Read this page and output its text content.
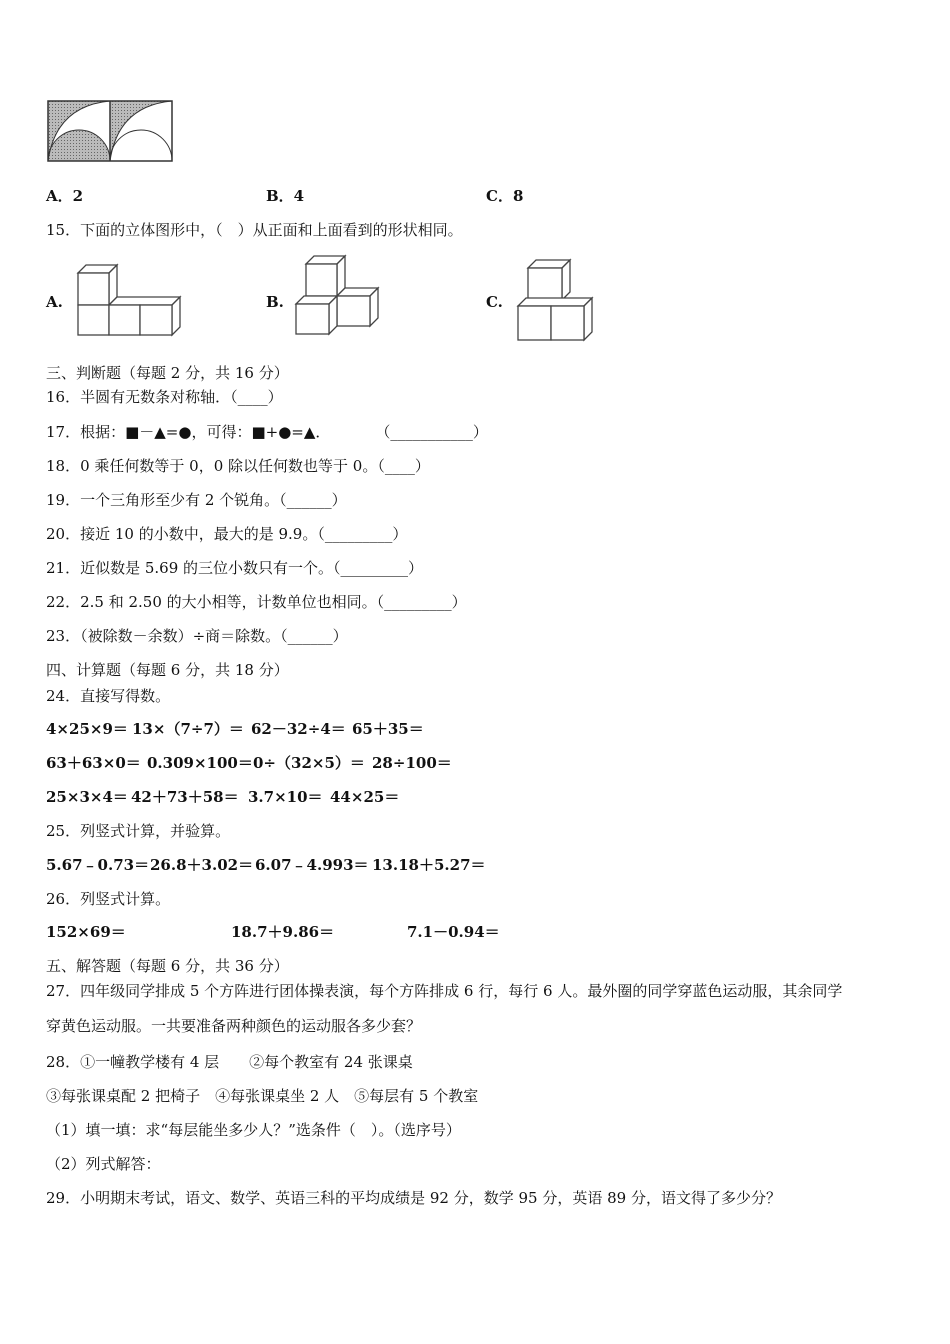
A．2	B．4	C．8
15．下面的立体图形中，（　）从正面和上面看到的形状相同。
A.	B.	C.
三、判断题（每题 2 分，共 16 分）
16．半圆有无数条对称轴．（____）
17．根据：■－▲=●，可得：■+●=▲．　　　　（___________）
18．0 乘任何数等于 0，0 除以任何数也等于 0。（____）
19．一个三角形至少有 2 个锐角。（______）
20．接近 10 的小数中，最大的是 9.9。（_________）
21．近似数是 5.69 的三位小数只有一个。（_________）
22．2.5 和 2.50 的大小相等，计数单位也相同。（_________）
23．（被除数－余数）÷商＝除数。（______）
四、计算题（每题 6 分，共 18 分）
24．直接写得数。
4×25×9＝ 13×（7÷7）＝ 62－32÷4＝ 65＋35＝
63＋63×0＝ 0.309×100＝ 0÷（32×5）＝ 28÷100＝
25×3×4＝ 42＋73＋58＝ 3.7×10＝ 44×25＝
25．列竖式计算，并验算。
5.67﹣0.73＝ 26.8＋3.02＝ 6.07﹣4.993＝ 13.18＋5.27＝
26．列竖式计算。
152×69＝	18.7＋9.86＝	7.1－0.94＝
五、解答题（每题 6 分，共 36 分）
27．四年级同学排成 5 个方阵进行团体操表演，每个方阵排成 6 行，每行 6 人。最外圈的同学穿蓝色运动服，其余同学
穿黄色运动服。一共要准备两种颜色的运动服各多少套？
28．①一幢教学楼有 4 层　　②每个教室有 24 张课桌
③每张课桌配 2 把椅子　④每张课桌坐 2 人　⑤每层有 5 个教室
（1）填一填：求“每层能坐多少人？”选条件（　）。（选序号）
（2）列式解答：
29．小明期末考试，语文、数学、英语三科的平均成绩是 92 分，数学 95 分，英语 89 分，语文得了多少分？
